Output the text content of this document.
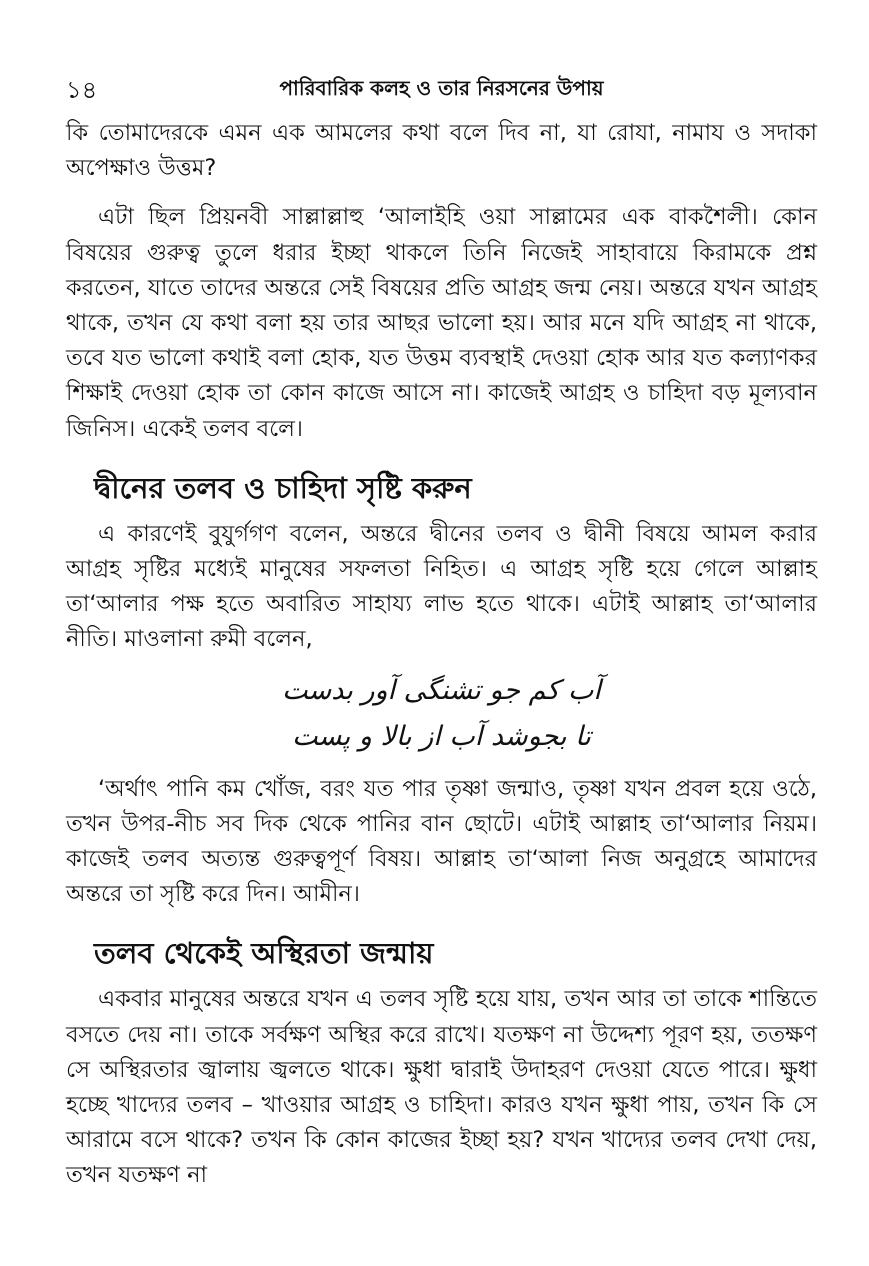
১৪	পারিবারিক কলহ ও তার নিরসনের উপায়

কি তোমাদেরকে এমন এক আমলের কথা বলে দিব না, যা রোযা, নামায ও সদাকা অপেক্ষাও উত্তম?

এটা ছিল প্রিয়নবী সাল্লাল্লাহু ‘আলাইহি ওয়া সাল্লামের এক বাকশৈলী। কোন বিষয়ের গুরুত্ব তুলে ধরার ইচ্ছা থাকলে তিনি নিজেই সাহাবায়ে কিরামকে প্রশ্ন করতেন, যাতে তাদের অন্তরে সেই বিষয়ের প্রতি আগ্রহ জন্ম নেয়। অন্তরে যখন আগ্রহ থাকে, তখন যে কথা বলা হয় তার আছর ভালো হয়। আর মনে যদি আগ্রহ না থাকে, তবে যত ভালো কথাই বলা হোক, যত উত্তম ব্যবস্থাই দেওয়া হোক আর যত কল্যাণকর শিক্ষাই দেওয়া হোক তা কোন কাজে আসে না। কাজেই আগ্রহ ও চাহিদা বড় মূল্যবান জিনিস। একেই তলব বলে।

দ্বীনের তলব ও চাহিদা সৃষ্টি করুন

এ কারণেই বুযুর্গগণ বলেন, অন্তরে দ্বীনের তলব ও দ্বীনী বিষয়ে আমল করার আগ্রহ সৃষ্টির মধ্যেই মানুষের সফলতা নিহিত। এ আগ্রহ সৃষ্টি হয়ে গেলে আল্লাহ তা‘আলার পক্ষ হতে অবারিত সাহায্য লাভ হতে থাকে। এটাই আল্লাহ তা‘আলার নীতি। মাওলানা রুমী বলেন,

آب کم جو تشنگی آور بدست
تا بجوشد آب از بالا و پست

‘অর্থাৎ পানি কম খোঁজ, বরং যত পার তৃষ্ণা জন্মাও, তৃষ্ণা যখন প্রবল হয়ে ওঠে, তখন উপর-নীচ সব দিক থেকে পানির বান ছোটে। এটাই আল্লাহ তা‘আলার নিয়ম। কাজেই তলব অত্যন্ত গুরুত্বপূর্ণ বিষয়। আল্লাহ তা‘আলা নিজ অনুগ্রহে আমাদের অন্তরে তা সৃষ্টি করে দিন। আমীন।

তলব থেকেই অস্থিরতা জন্মায়

একবার মানুষের অন্তরে যখন এ তলব সৃষ্টি হয়ে যায়, তখন আর তা তাকে শান্তিতে বসতে দেয় না। তাকে সর্বক্ষণ অস্থির করে রাখে। যতক্ষণ না উদ্দেশ্য পূরণ হয়, ততক্ষণ সে অস্থিরতার জ্বালায় জ্বলতে থাকে। ক্ষুধা দ্বারাই উদাহরণ দেওয়া যেতে পারে। ক্ষুধা হচ্ছে খাদ্যের তলব – খাওয়ার আগ্রহ ও চাহিদা। কারও যখন ক্ষুধা পায়, তখন কি সে আরামে বসে থাকে? তখন কি কোন কাজের ইচ্ছা হয়? যখন খাদ্যের তলব দেখা দেয়, তখন যতক্ষণ না
